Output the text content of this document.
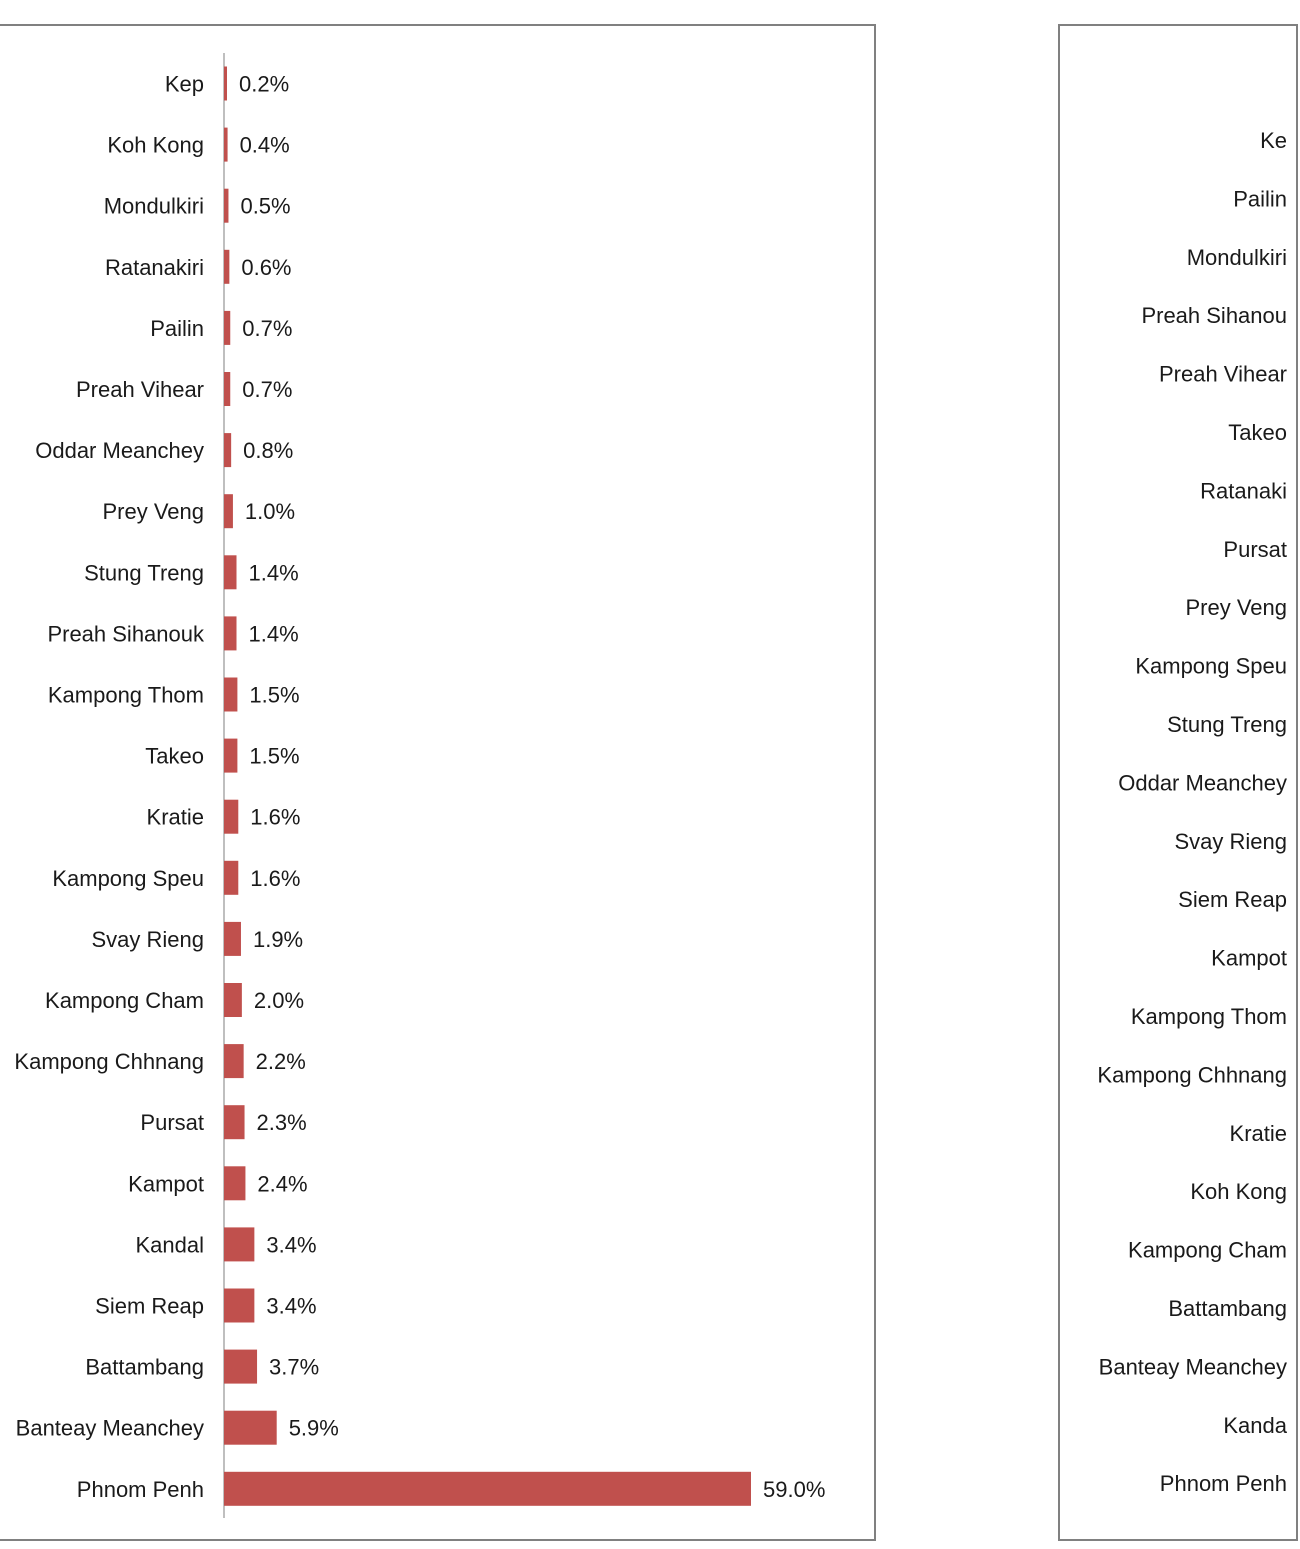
Kep 0.2%
Koh Kong 0.4%
Mondulkiri 0.5%
Ratanakiri 0.6%
Pailin 0.7%
Preah Vihear 0.7%
Oddar Meanchey 0.8%
Prey Veng 1.0%
Stung Treng 1.4%
Preah Sihanouk 1.4%
Kampong Thom 1.5%
Takeo 1.5%
Kratie 1.6%
Kampong Speu 1.6%
Svay Rieng 1.9%
Kampong Cham 2.0%
Kampong Chhnang 2.2%
Pursat 2.3%
Kampot 2.4%
Kandal	3.4%
Siem Reap	3.4%
Battambang	3.7%
Banteay Meanchey	5.9%
Phnom Penh	59.0%
Ke
Pailin
Mondulkiri
Preah Sihanou
Preah Vihear
Takeo
Ratanaki
Pursat
Prey Veng
Kampong Speu
Stung Treng
Oddar Meanchey
Svay Rieng
Siem Reap
Kampot
Kampong Thom
Kampong Chhnang
Kratie
Koh Kong
Kampong Cham
Battambang
Banteay Meanchey
Kanda
Phnom Penh
